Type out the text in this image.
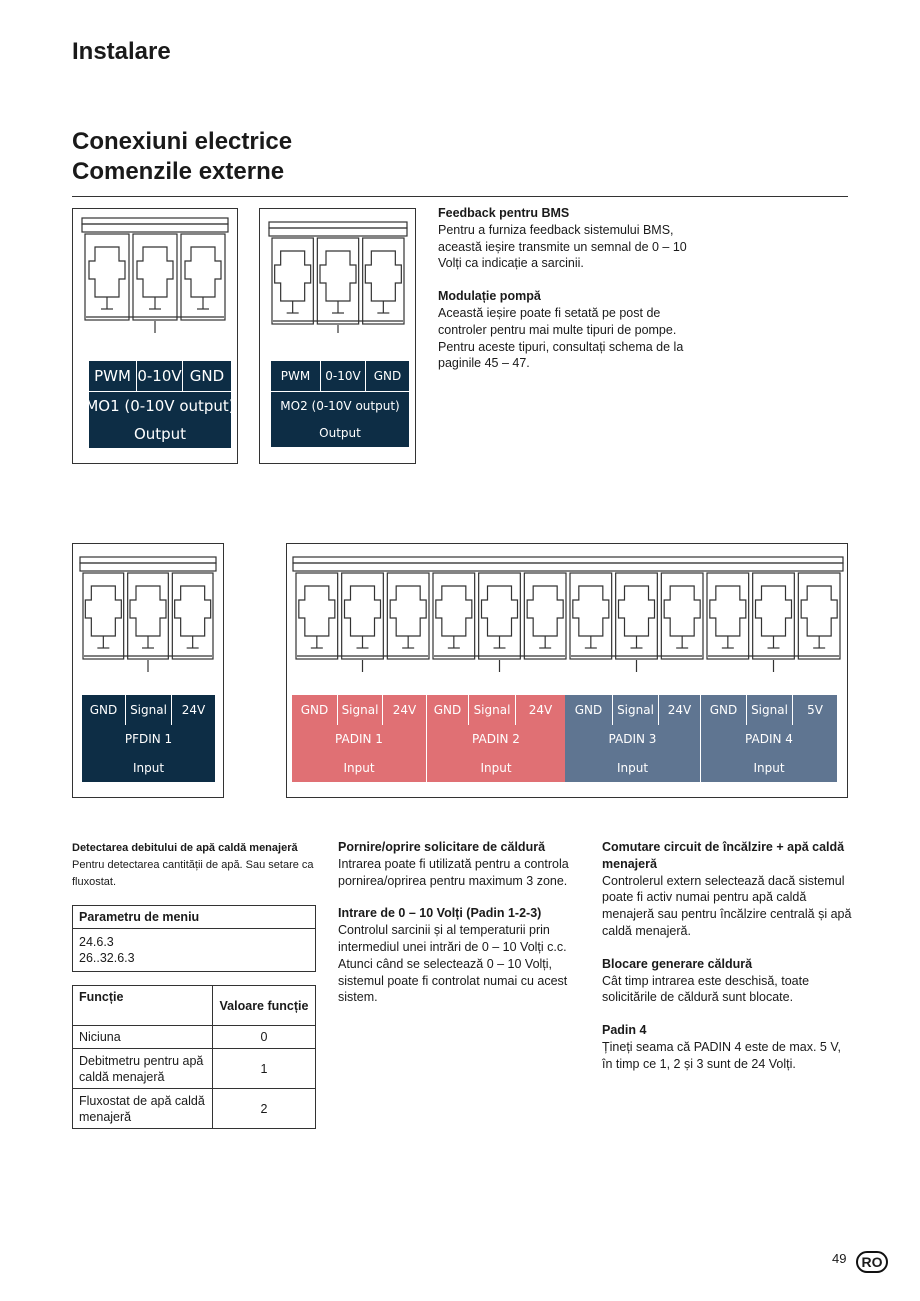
Instalare
Conexiuni electrice
Comenzile externe
PWM 0-10V GND
MO1 (0-10V output)
Output
PWM	0-10V	GND
MO2 (0-10V output)
Output
Feedback pentru BMS
Pentru a furniza feedback sistemului BMS, această ieșire transmite un semnal de 0 – 10 Volți ca indicație a sarcinii.
Modulație pompă
Această ieșire poate fi setată pe post de controler pentru mai multe tipuri de pompe. Pentru aceste tipuri, consultați schema de la paginile 45 – 47.
GND	Signal	24V
PFDIN 1
Input
GND	Signal	24V
PADIN 1
Input
GND	Signal	24V
PADIN 2
Input
GND	Signal	24V
PADIN 3
Input
GND	Signal	5V
PADIN 4
Input
Detectarea debitului de apă caldă menajeră
Pentru detectarea cantității de apă. Sau setare ca fluxostat.
Parametru de meniu

24.6.3
26..32.6.3
Funcție	Valoare funcție
Niciuna	0
Debitmetru pentru apă caldă menajeră	1
Fluxostat de apă caldă menajeră	2
Pornire/oprire solicitare de căldură
Intrarea poate fi utilizată pentru a controla pornirea/oprirea pentru maximum 3 zone.
Intrare de 0 – 10 Volți (Padin 1-2-3)
Controlul sarcinii și al temperaturii prin intermediul unei intrări de 0 – 10 Volți c.c. Atunci când se selectează 0 – 10 Volți, sistemul poate fi controlat numai cu acest sistem.
Comutare circuit de încălzire + apă caldă menajeră
Controlerul extern selectează dacă sistemul poate fi activ numai pentru apă caldă menajeră sau pentru încălzire centrală și apă caldă menajeră.
Blocare generare căldură
Cât timp intrarea este deschisă, toate solicitările de căldură sunt blocate.
Padin 4
Țineți seama că PADIN 4 este de max. 5 V, în timp ce 1, 2 și 3 sunt de 24 Volți.
49	RO
